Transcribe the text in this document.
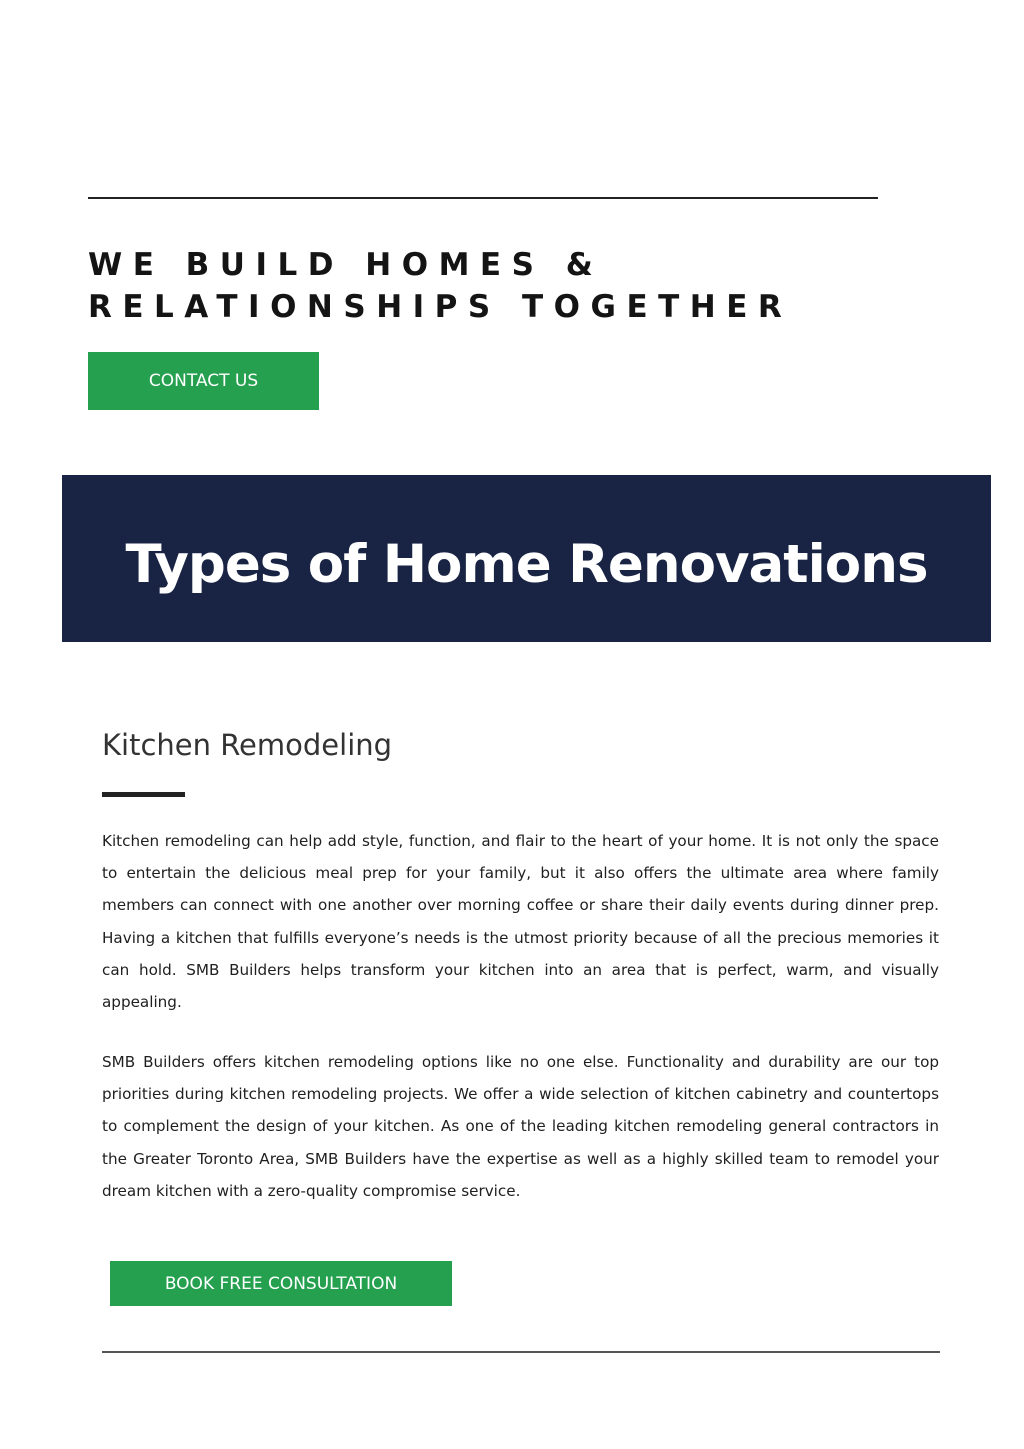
WE BUILD HOMES &
RELATIONSHIPS TOGETHER
CONTACT US
Types of Home Renovations
Kitchen Remodeling

Kitchen remodeling can help add style, function, and flair to the heart of your home. It is not only the space to entertain the delicious meal prep for your family, but it also offers the ultimate area where family members can connect with one another over morning coffee or share their daily events during dinner prep. Having a kitchen that fulfills everyone’s needs is the utmost priority because of all the precious memories it can hold. SMB Builders helps transform your kitchen into an area that is perfect, warm, and visually appealing.

SMB Builders offers kitchen remodeling options like no one else. Functionality and durability are our top priorities during kitchen remodeling projects. We offer a wide selection of kitchen cabinetry and countertops to complement the design of your kitchen. As one of the leading kitchen remodeling general contractors in the Greater Toronto Area, SMB Builders have the expertise as well as a highly skilled team to remodel your dream kitchen with a zero-quality compromise service.

BOOK FREE CONSULTATION
